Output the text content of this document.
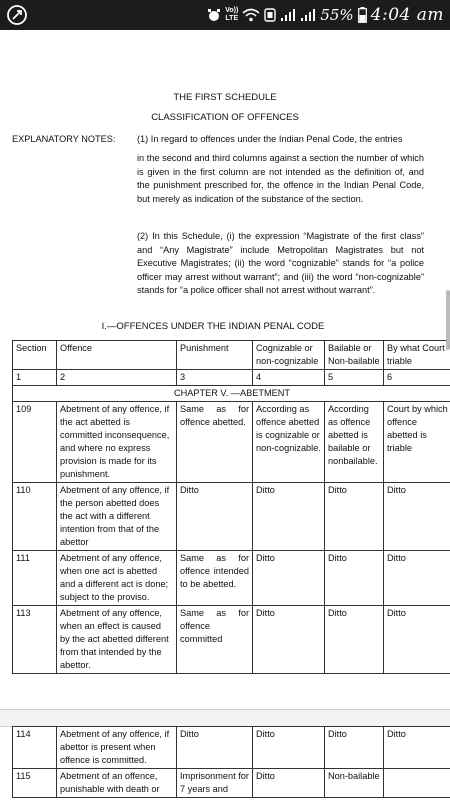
Vo))
LTE	55% 4:04 am
THE FIRST SCHEDULE
CLASSIFICATION OF OFFENCES
EXPLANATORY NOTES: (1) In regard to offences under the Indian Penal Code, the entries
in the second and third columns against a section the number of which is given in the first column are not intended as the definition of, and the punishment prescribed for, the offence in the Indian Penal Code, but merely as indication of the substance of the section.
(2) In this Schedule, (i) the expression “Magistrate of the first class” and “Any Magistrate” include Metropolitan Magistrates but not Executive Magistrates; (ii) the word “cognizable” stands for “a police officer may arrest without warrant”; and (iii) the word “non-cognizable” stands for “a police officer shall not arrest without warrant”.
I.—OFFENCES UNDER THE INDIAN PENAL CODE
Section	Offence	Punishment	Cognizable or non-cognizable	Bailable or Non-bailable	By what Court triable
1	2	3	4	5	6
CHAPTER V. —ABETMENT					
109	Abetment of any offence, if the act abetted is committed inconsequence, and where no express provision is made for its punishment.	Same as for offence abetted.	According as offence abetted is cognizable or non-cognizable.	According as offence abetted is bailable or nonbailable.	Court by which offence abetted is triable
110	Abetment of any offence, if the person abetted does the act with a different intention from that of the abettor	Ditto	Ditto	Ditto	Ditto
111	Abetment of any offence, when one act is abetted and a different act is done; subject to the proviso.	Same as for offence intended to be abetted.	Ditto	Ditto	Ditto
113	Abetment of any offence, when an effect is caused by the act abetted different from that intended by the abettor.	Same as for offence committed	Ditto	Ditto	Ditto
114	Abetment of any offence, if abettor is present when offence is committed.	Ditto	Ditto	Ditto	Ditto
115	Abetment of an offence, punishable with death or	Imprisonment for 7 years and	Ditto	Non-bailable	
